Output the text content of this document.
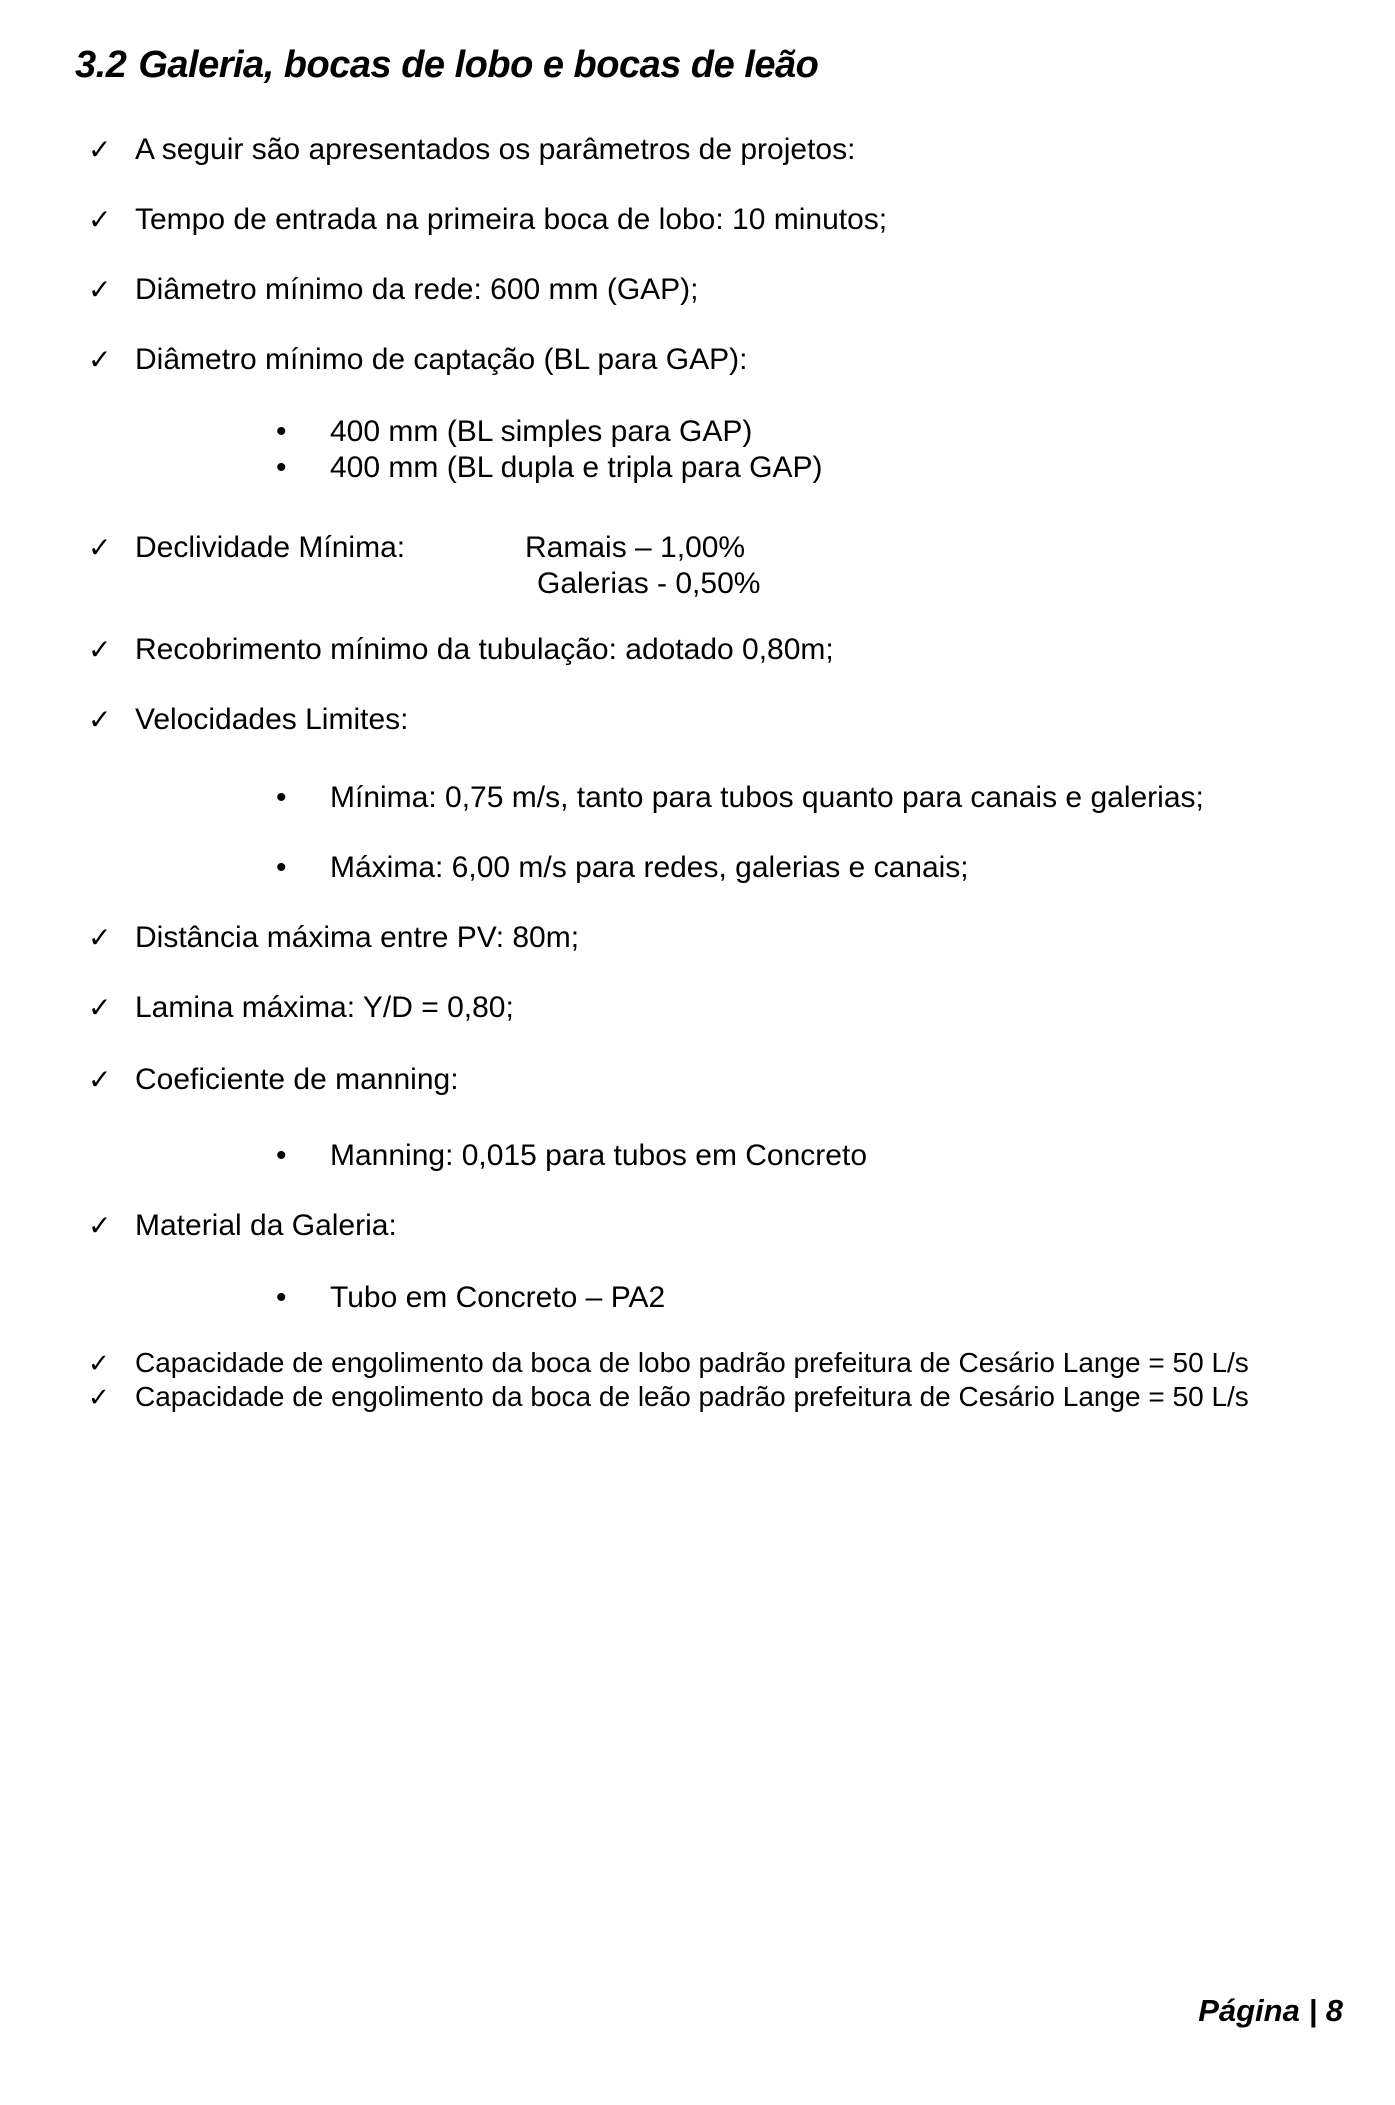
3.2 Galeria, bocas de lobo e bocas de leão
✓ A seguir são apresentados os parâmetros de projetos:
✓ Tempo de entrada na primeira boca de lobo: 10 minutos;
✓ Diâmetro mínimo da rede: 600 mm (GAP);
✓ Diâmetro mínimo de captação (BL para GAP):
•	400 mm (BL simples para GAP)
•	400 mm (BL dupla e tripla para GAP)
✓ Declividade Mínima:	Ramais – 1,00%
Galerias - 0,50%
✓ Recobrimento mínimo da tubulação: adotado 0,80m;
✓ Velocidades Limites:
•	Mínima: 0,75 m/s, tanto para tubos quanto para canais e galerias;
•	Máxima: 6,00 m/s para redes, galerias e canais;
✓ Distância máxima entre PV: 80m;
✓ Lamina máxima: Y/D = 0,80;
✓ Coeficiente de manning:
•	Manning: 0,015 para tubos em Concreto
✓ Material da Galeria:
•	Tubo em Concreto – PA2
✓ Capacidade de engolimento da boca de lobo padrão prefeitura de Cesário Lange = 50 L/s
✓ Capacidade de engolimento da boca de leão padrão prefeitura de Cesário Lange = 50 L/s
Página | 8
